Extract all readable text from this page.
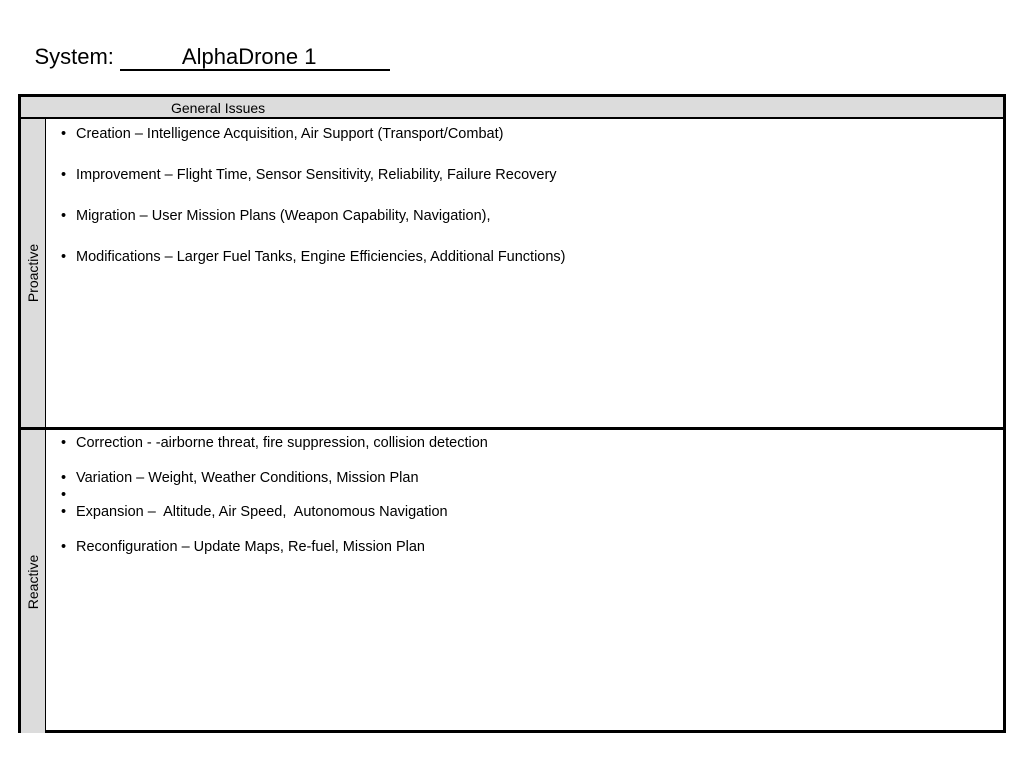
System:	AlphaDrone 1

General Issues
Proactive
• Creation – Intelligence Acquisition, Air Support (Transport/Combat)
• Improvement – Flight Time, Sensor Sensitivity, Reliability, Failure Recovery
• Migration – User Mission Plans (Weapon Capability, Navigation),
• Modifications – Larger Fuel Tanks, Engine Efficiencies, Additional Functions)
Reactive
• Correction - -airborne threat, fire suppression, collision detection
• Variation – Weight, Weather Conditions, Mission Plan
•
• Expansion –  Altitude, Air Speed,  Autonomous Navigation
• Reconfiguration – Update Maps, Re-fuel, Mission Plan
